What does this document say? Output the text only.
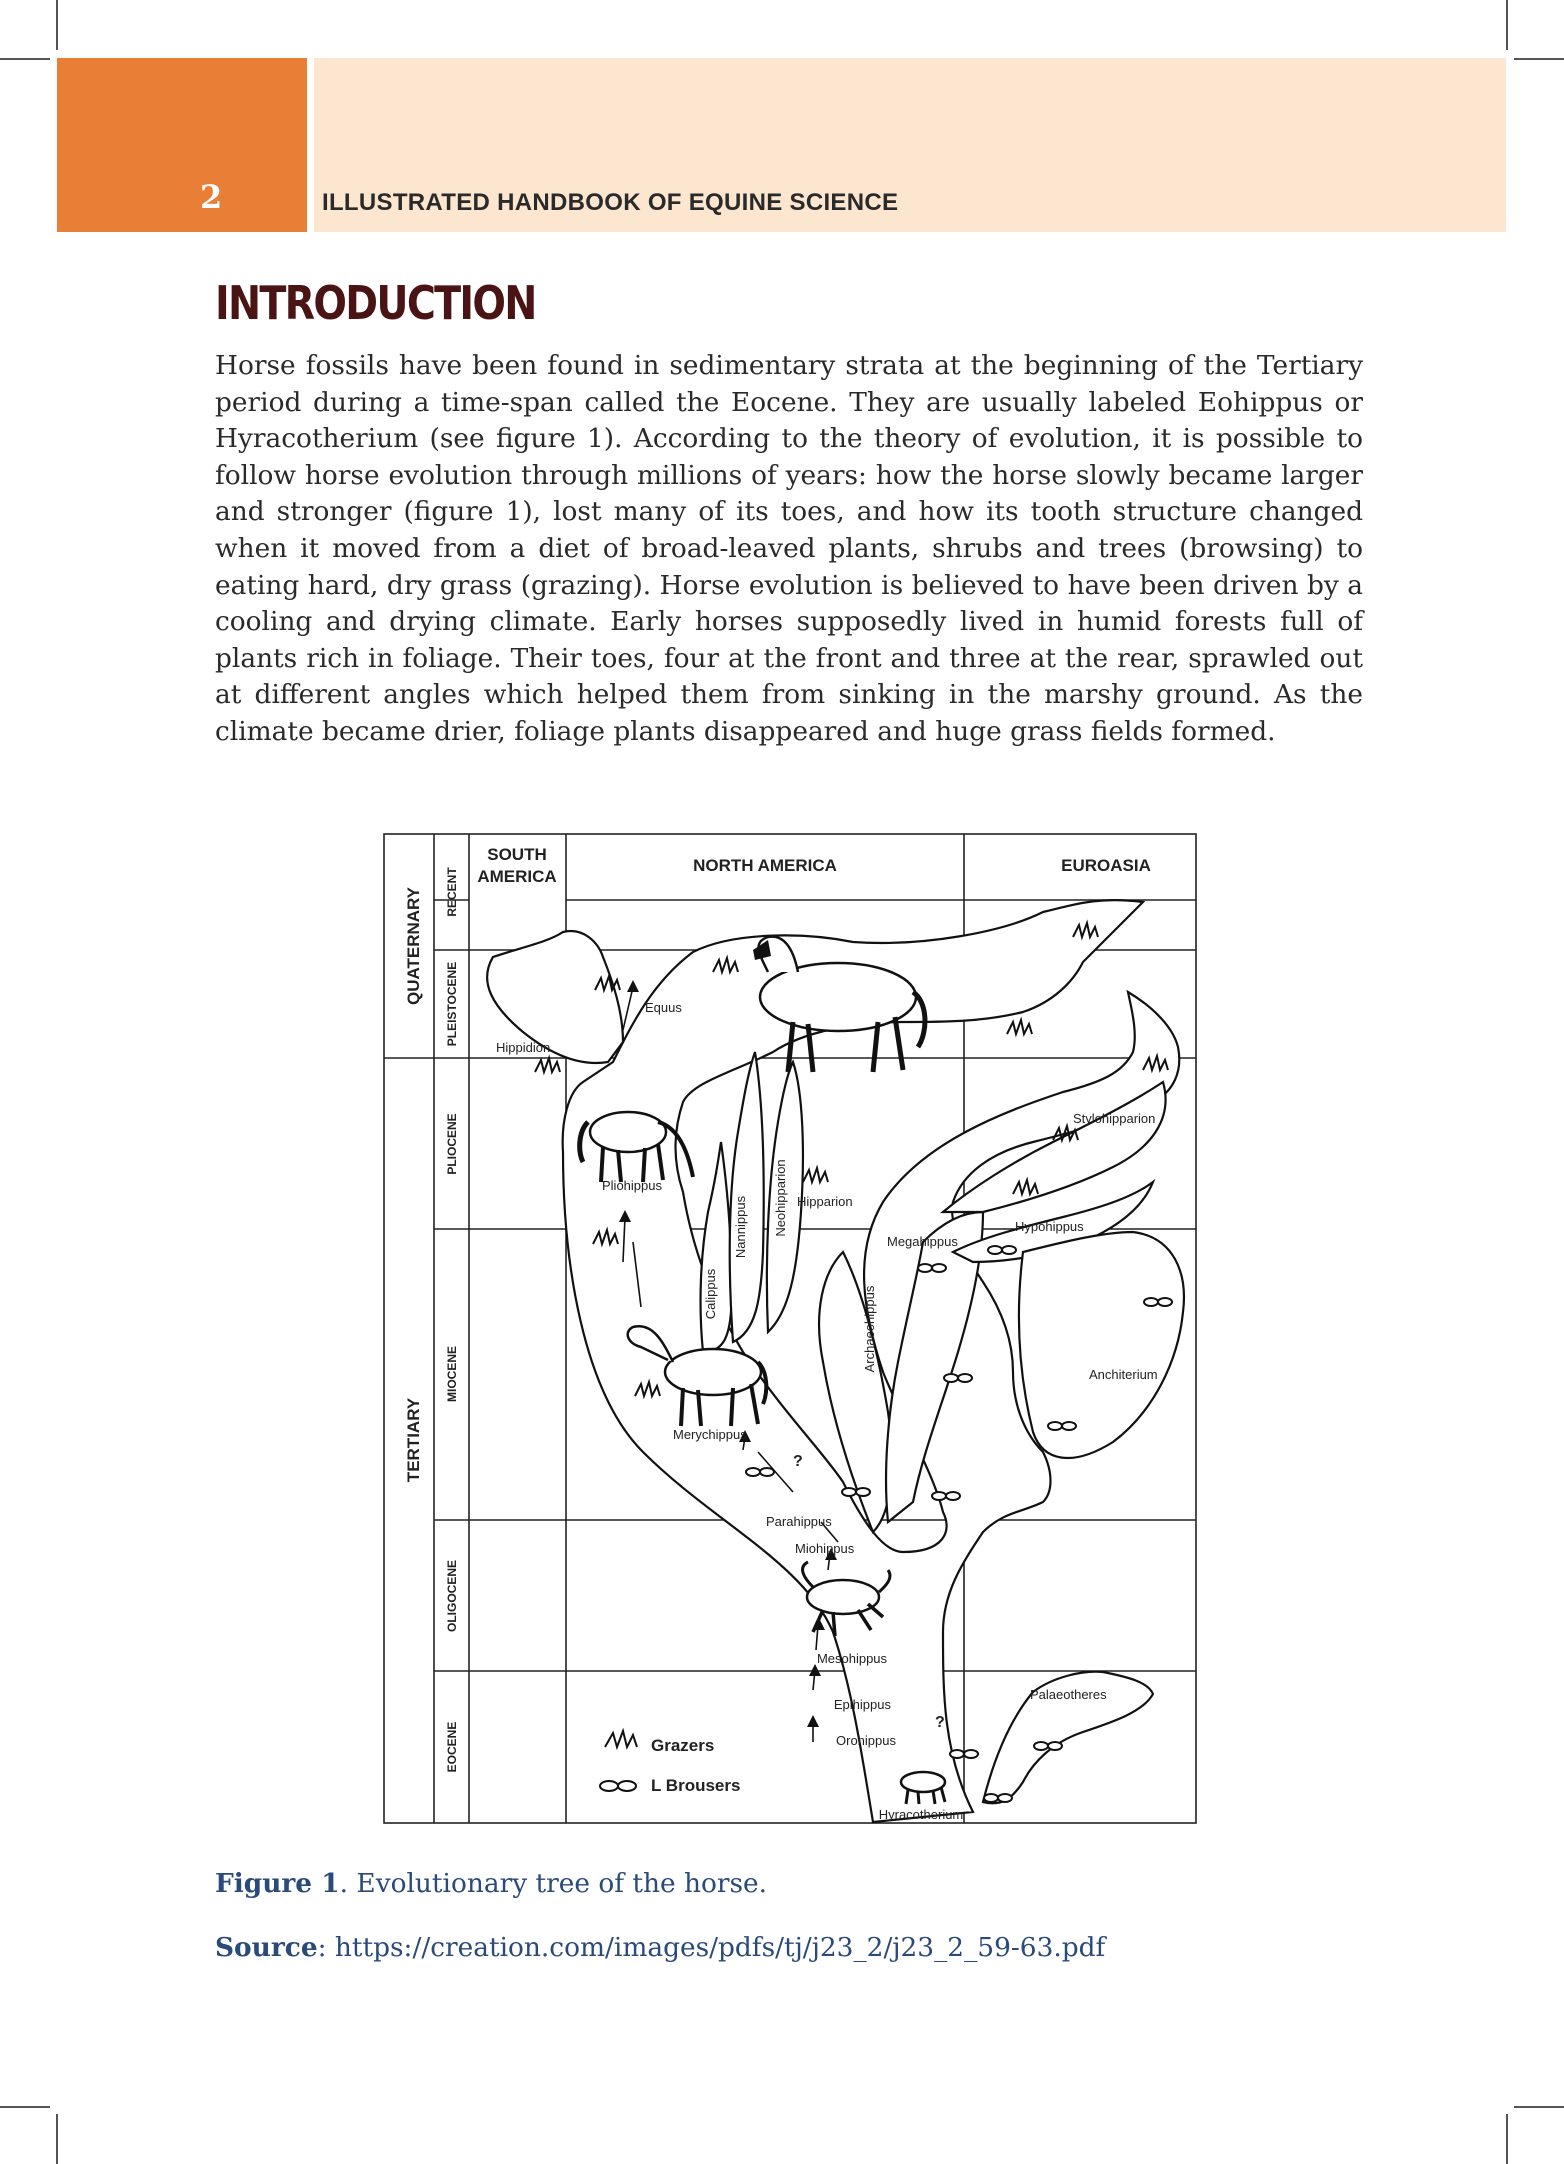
2	ILLUSTRATED HANDBOOK OF EQUINE SCIENCE
INTRODUCTION

Horse fossils have been found in sedimentary strata at the beginning of the Tertiary period during a time-span called the Eocene. They are usually labeled Eohippus or Hyracotherium (see figure 1). According to the theory of evolution, it is possible to follow horse evolution through millions of years: how the horse slowly became larger and stronger (figure 1), lost many of its toes, and how its tooth structure changed when it moved from a diet of broad-leaved plants, shrubs and trees (browsing) to eating hard, dry grass (grazing). Horse evolution is believed to have been driven by a cooling and drying climate. Early horses supposedly lived in humid forests full of plants rich in foliage. Their toes, four at the front and three at the rear, sprawled out at different angles which helped them from sinking in the marshy ground. As the climate became drier, foliage plants disappeared and huge grass fields formed.

QUATERNARY
TERTIARY
RECENT
PLEISTOCENE
PLIOCENE
MIOCENE
OLIGOCENE
EOCENE
SOUTH
AMERICA
NORTH AMERICA	EUROASIA
Equus
Hippidion
Pliohippus
Calippus
Nannippus Neohipparion Hipparion
Stylohipparion
Megahippus
Hypohippus
Archaeohippus
Anchiterium
Merychippus
Parahippus
Miohippus
Mesohippus
Epihippus
Orohippus
Hyracotherium
Palaeotheres
?
?
Grazers
L Brousers
Figure 1. Evolutionary tree of the horse.
Source: https://creation.com/images/pdfs/tj/j23_2/j23_2_59-63.pdf
